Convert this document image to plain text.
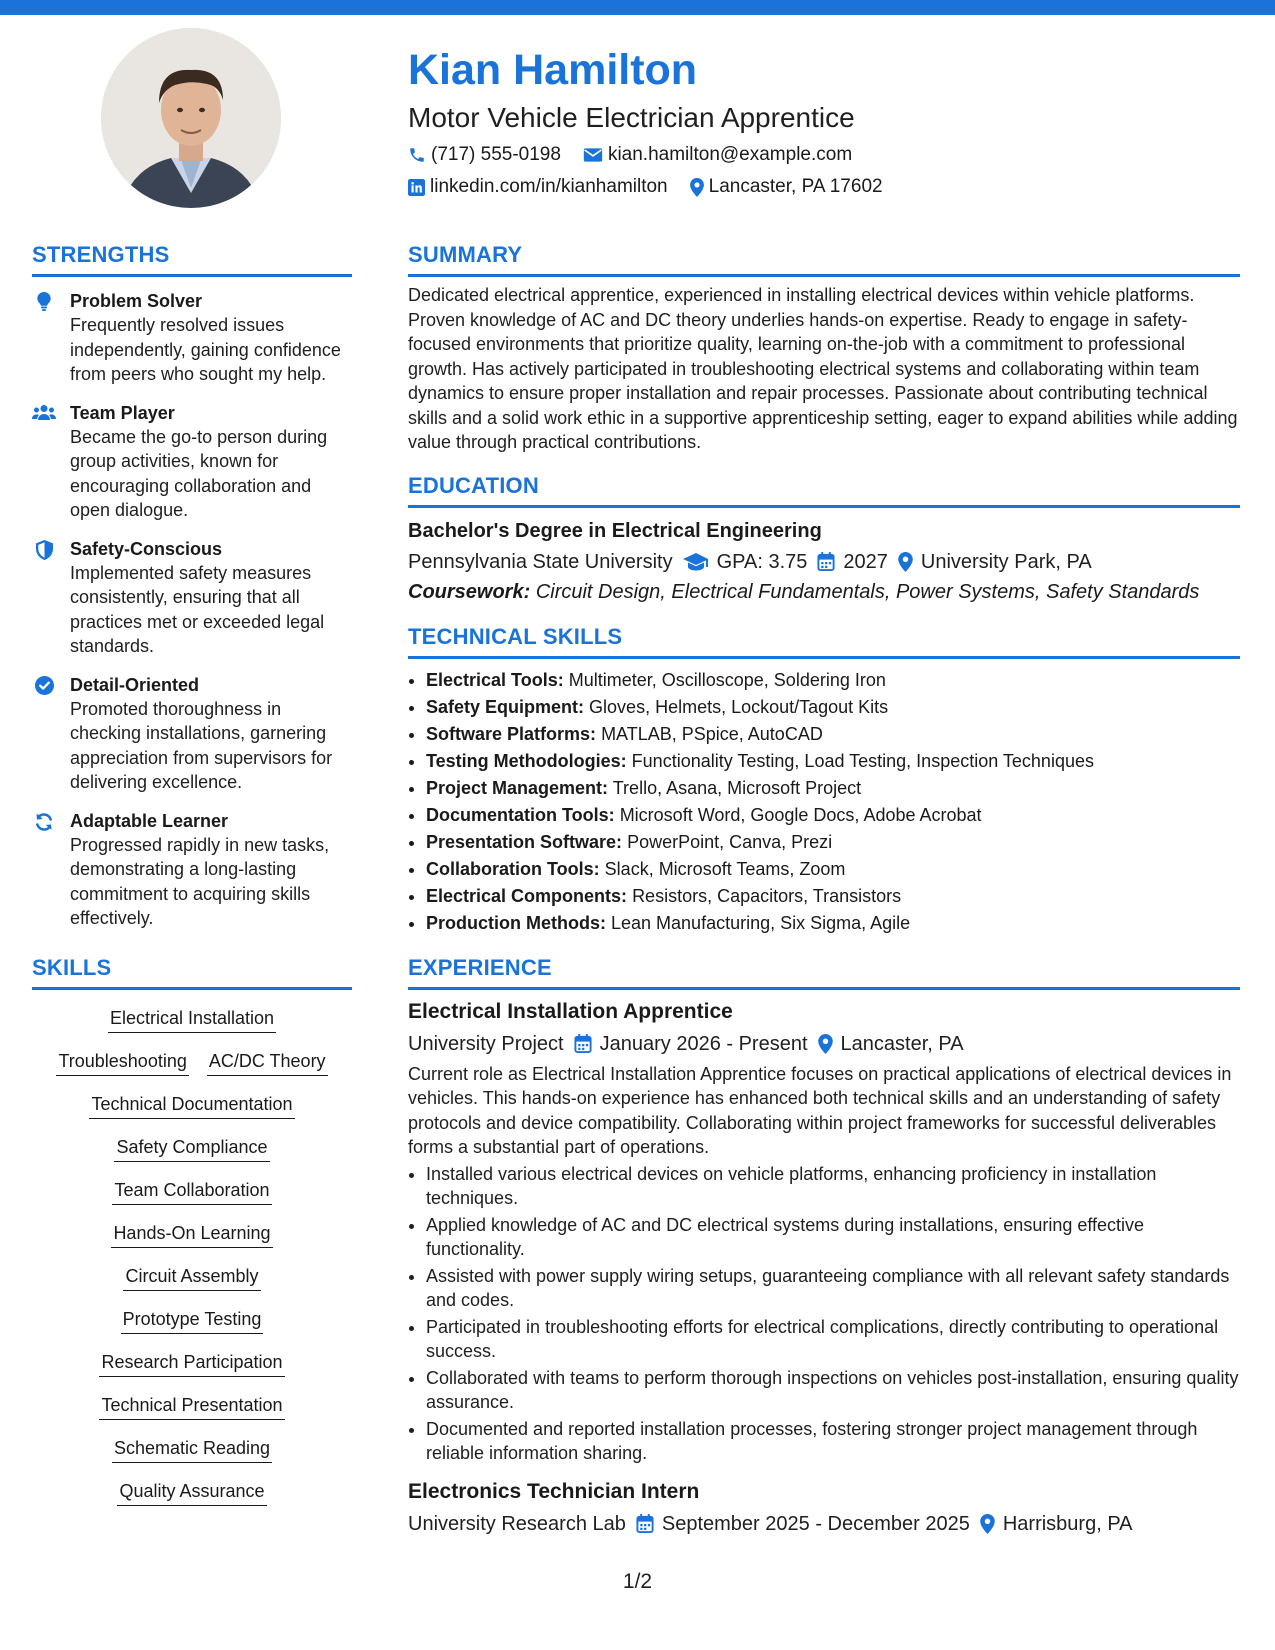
Kian Hamilton
Motor Vehicle Electrician Apprentice
(717) 555-0198 kian.hamilton@example.com
linkedin.com/in/kianhamilton Lancaster, PA 17602
STRENGTHS
Problem Solver
Frequently resolved issues independently, gaining confidence from peers who sought my help.
Team Player
Became the go-to person during group activities, known for encouraging collaboration and open dialogue.
Safety-Conscious
Implemented safety measures consistently, ensuring that all practices met or exceeded legal standards.
Detail-Oriented
Promoted thoroughness in checking installations, garnering appreciation from supervisors for delivering excellence.
Adaptable Learner
Progressed rapidly in new tasks, demonstrating a long-lasting commitment to acquiring skills effectively.
SKILLS
Electrical Installation
Troubleshooting AC/DC Theory
Technical Documentation
Safety Compliance
Team Collaboration
Hands-On Learning
Circuit Assembly
Prototype Testing
Research Participation
Technical Presentation
Schematic Reading
Quality Assurance
SUMMARY
Dedicated electrical apprentice, experienced in installing electrical devices within vehicle platforms. Proven knowledge of AC and DC theory underlies hands-on expertise. Ready to engage in safety-focused environments that prioritize quality, learning on-the-job with a commitment to professional growth. Has actively participated in troubleshooting electrical systems and collaborating within team dynamics to ensure proper installation and repair processes. Passionate about contributing technical skills and a solid work ethic in a supportive apprenticeship setting, eager to expand abilities while adding value through practical contributions.
EDUCATION
Bachelor's Degree in Electrical Engineering
Pennsylvania State University GPA: 3.75 2027 University Park, PA
Coursework: Circuit Design, Electrical Fundamentals, Power Systems, Safety Standards
TECHNICAL SKILLS
• Electrical Tools: Multimeter, Oscilloscope, Soldering Iron
• Safety Equipment: Gloves, Helmets, Lockout/Tagout Kits
• Software Platforms: MATLAB, PSpice, AutoCAD
• Testing Methodologies: Functionality Testing, Load Testing, Inspection Techniques
• Project Management: Trello, Asana, Microsoft Project
• Documentation Tools: Microsoft Word, Google Docs, Adobe Acrobat
• Presentation Software: PowerPoint, Canva, Prezi
• Collaboration Tools: Slack, Microsoft Teams, Zoom
• Electrical Components: Resistors, Capacitors, Transistors
• Production Methods: Lean Manufacturing, Six Sigma, Agile
EXPERIENCE
Electrical Installation Apprentice
University Project January 2026 - Present Lancaster, PA
Current role as Electrical Installation Apprentice focuses on practical applications of electrical devices in vehicles. This hands-on experience has enhanced both technical skills and an understanding of safety protocols and device compatibility. Collaborating within project frameworks for successful deliverables forms a substantial part of operations.
• Installed various electrical devices on vehicle platforms, enhancing proficiency in installation techniques.
• Applied knowledge of AC and DC electrical systems during installations, ensuring effective functionality.
• Assisted with power supply wiring setups, guaranteeing compliance with all relevant safety standards and codes.
• Participated in troubleshooting efforts for electrical complications, directly contributing to operational success.
• Collaborated with teams to perform thorough inspections on vehicles post-installation, ensuring quality assurance.
• Documented and reported installation processes, fostering stronger project management through reliable information sharing.
Electronics Technician Intern
University Research Lab September 2025 - December 2025 Harrisburg, PA
1/2
